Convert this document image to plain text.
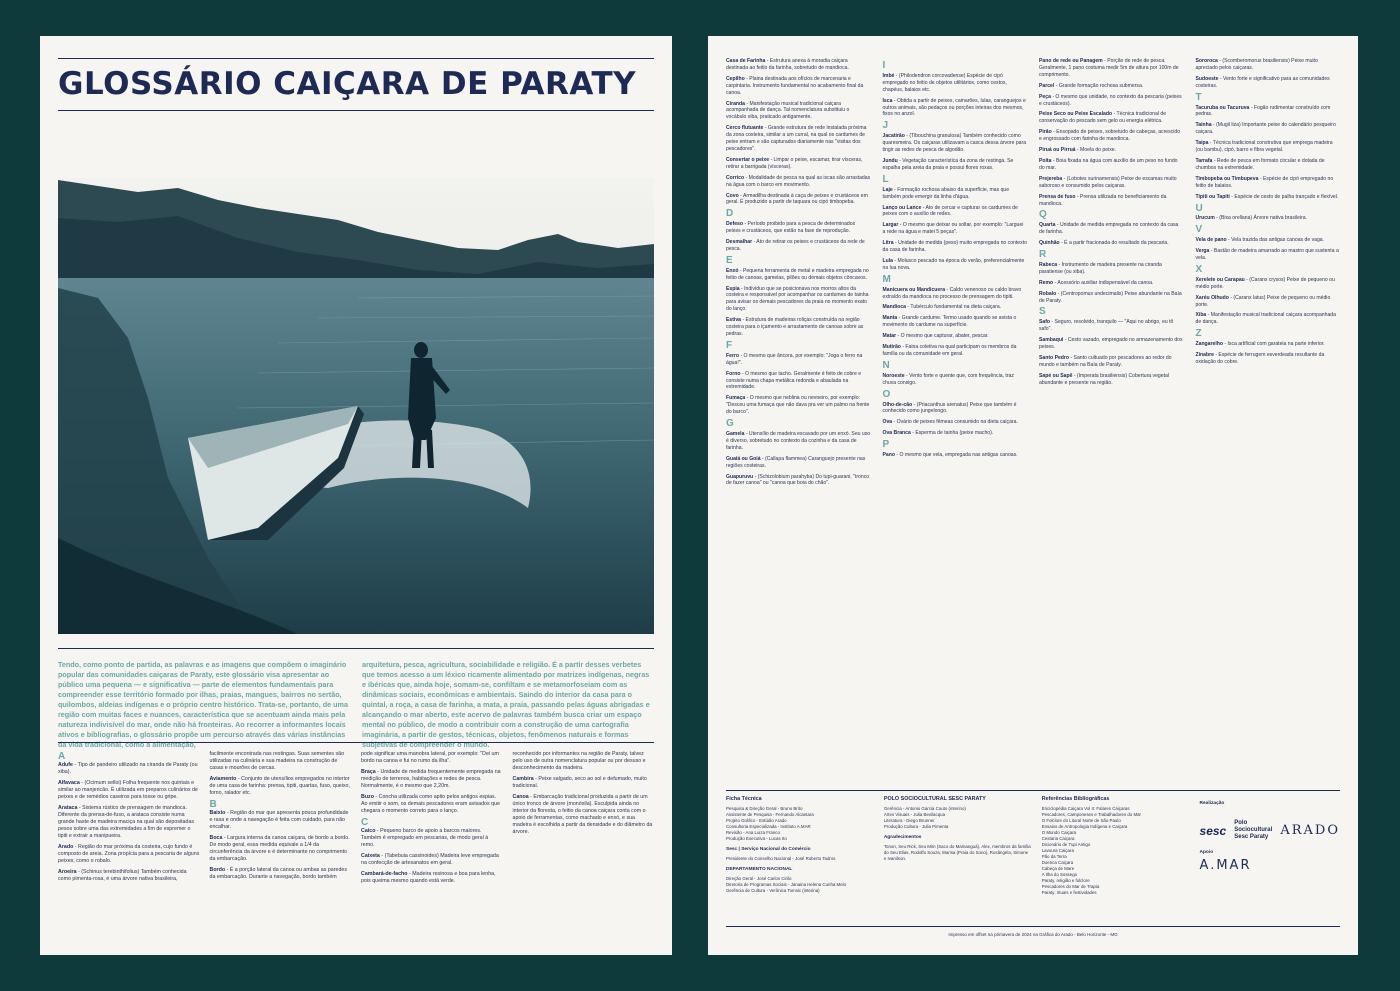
GLOSSÁRIO CAIÇARA DE PARATY

Tendo, como ponto de partida, as palavras e as imagens que compõem o imaginário popular das comunidades caiçaras de Paraty, este glossário visa apresentar ao público uma pequena — e significativa — parte de elementos fundamentais para compreender esse território formado por ilhas, praias, mangues, bairros no sertão, quilombos, aldeias indígenas e o próprio centro histórico. Trata-se, portanto, de uma região com muitas faces e nuances, característica que se acentuam ainda mais pela natureza indivisível do mar, onde não há fronteiras. Ao recorrer a informantes locais ativos e bibliografias, o glossário propõe um percurso através das várias instâncias da vida tradicional, como a alimentação,

arquitetura, pesca, agricultura, sociabilidade e religião. É a partir desses verbetes que temos acesso a um léxico ricamente alimentado por matrizes indígenas, negras e ibéricas que, ainda hoje, somam-se, confiltam e se metamorfoseiam com as dinâmicas sociais, econômicas e ambientais. Saindo do interior da casa para o quintal, a roça, a casa de farinha, a mata, a praia, passando pelas águas abrigadas e alcançando o mar aberto, este acervo de palavras também busca criar um espaço mental no público, de modo a contribuir com a construção de uma cartografia imaginária, a partir de gestos, técnicas, objetos, fenômenos naturais e formas subjetivas de compreender o mundo.

A
Adufe - Tipo de pandeiro utilizado na ciranda de Paraty (ou xiba).
Alfavaca - (Ocimum selloi) Folha frequente nos quintais e similar ao manjericão. É utilizada em preparos culinários de peixes e de remédios caseiros para tosse ou gripe.
Arataca - Sistema rústico de prensagem de mandioca. Diferente da prensa-de-fuso, a arataca consiste numa grande haste de madeira maciça na qual são depositadas pesos sobre uma das extremidades a fim de espremer o tipiti e extrair a manipueira.
Arado - Região do mar próxima da costeira, cujo fundo é composto de areia. Zona propícia para a pescaria de alguns peixes, como o robalo.
Aroeira - (Schinus terebinthifolius) Também conhecida como pimenta-rosa, é uma árvore nativa brasileira,
facilmente encontrada nas restingas. Suas sementes são utilizadas na culinária e sua madeira na construção de casas e mourões de cercas.
Aviamento - Conjunto de utensílios empregados no interior de uma casa de farinha: prensa, tipiti, quartas, fuso, queixo, forno, ralador etc.
B
Baixio - Região do mar que apresenta pouca profundidade e rasa e onde a navegação é feita com cuidado, para não encalhar.
Boca - Largura interna da canoa caiçara, de bordo a bordo. De modo geral, essa medida equivale a 1/4 da circunferência da árvore e é determinante no comprimento da embarcação.
Bordo - É a porção lateral da canoa ou ambas as paredes da embarcação. Durante a navegação, bordo também
pode significar uma manobra lateral, por exemplo: "Dei um bordo na canoa e fui no rumo da ilha".
Braça - Unidade de medida frequentemente empregada na medição de terrenos, habitações e redes de pesca. Normalmente, é o mesmo que 2,20m.
Buzo - Concha utilizada como apito pelos antigos espias. Ao emitir o som, os demais pescadores eram avisados que chegara o momento correto para o lanço.
C
Caico - Pequeno barco de apoio a barcos maiores. Também é empregado em pescarias, de modo geral à remo.
Caixeta - (Tabebuia cassinoides) Madeira leve empregada na confecção de artesanatos em geral.
Cambará-de-facho - Madeira resinosa e boa para lenha, pois queima mesmo quando está verde.
reconhecido por informantes na região de Paraty, talvez pelo uso de outra nomenclatura popular ou por desuso e desconhecimento da madeira.
Cambira - Peixe salgado, seco ao sol e defumado, muito tradicional.
Canoa - Embarcação tradicional produzida a partir de um único tronco de árvore (monóxila). Esculpida ainda no interior da floresta, o feitio da canoa caiçara conta com o apoio de ferramentas, como machado e enxó, e sua madeira é escolhida a partir da densidade e do diâmetro da árvore.
Casa de Farinha - Estrutura anexa à moradia caiçara destinada ao feitio da farinha, sobretudo de mandioca.
Cepilho - Plaina destinada aos ofícios de marcenaria e carpintaria. Instrumento fundamental no acabamento final da canoa.
Ciranda - Manifestação musical tradicional caiçara acompanhada de dança. Tal nomenclatura substituiu o vocábulo xiba, praticado antigamente.
Cerco flutuante - Grande estrutura de rede instalada próxima da zona costeira, similar a um curral, na qual os cardumes de peixe entram e são capturados diariamente nas "visitas dos pescadores".
Consertar o peixe - Limpar o peixe, escamar, tirar vísceras, retirar a barrigada (vísceras).
Corrico - Modalidade de pesca na qual as iscas são arrastadas na água com o barco em movimento.
Covo - Armadilha destinada à caça de peixes e crustáceos em geral. É produzido a partir de taquara ou cipó timbopeba.
D
Defeso - Período proibido para a pesca de determinados peixes e crustáceos, que estão na fase de reprodução.
Desmalhar - Ato de retirar os peixes e crustáceos da rede de pesca.
E
Enxó - Pequena ferramenta de metal e madeira empregada no feitio de canoas, gamelas, pilões ou demais objetos côncavos.
Espia - Indivíduo que se posicionava nos morros altos da costeira e responsável por acompanhar os cardumes de tainha para avisar os demais pescadores da praia no momento exato do lanço.
Estiva - Estrutura de madeiras roliças construída na região costeira para o içamento e arrastamento de canoas sobre as pedras.
F
Ferro - O mesmo que âncora, por exemplo: "Joga o ferro na água!".
Forno - O mesmo que tacho. Geralmente é feito de cobre e consiste numa chapa metálica redonda e abaulada na extremidade.
Fumaça - O mesmo que neblina ou nevoeiro, por exemplo: "Desceu uma fumaça que não dava pra ver um palmo na frente do barco".
G
Gamela - Utensílio de madeira escavado por um enxó. Seu uso é diverso, sobretudo no contexto da cozinha e da casa de farinha.
Guaiá ou Goiá - (Callapa flammea) Caranguejo presente nas regiões costeiras.
Guapuruvu - (Schizolobium parahyba) Do tupi-guarani, "tronco de fazer canoa" ou "canoa que boia do chão".
I
Imbé - (Philodendron corcovadense) Espécie de cipó empregado no feitio de objetos utilitários, como cestos, chapéus, balaios etc.
Isca - Obtida a partir de peixes, camarões, lulas, caranguejos e outros animais, são pedaços ou porções inteiras dos mesmos, fixos no anzol.
J
Jacatirão - (Tibouchina granulosa) Também conhecido como quaresmeira. Os caiçaras utilizavam a casca dessa árvore para tingir as redes de pesca de algodão.
Jundu - Vegetação característica da zona de restinga. Se espalha pela areia da praia e possui flores roxas.
L
Laje - Formação rochosa abaixo da superfície, mas que também pode emergir da linha d'água.
Lanço ou Lance - Ato de cercar e capturar os cardumes de peixes com o auxílio de redes.
Largar - O mesmo que deixar ou soltar, por exemplo: "Larguei a rede na água e matei 5 peças".
Litra - Unidade de medida (peso) muito empregada no contexto da casa de farinha.
Lula - Molusco pescado na época do verão, preferencialmente na lua nova.
M
Manicuera ou Mandicuera - Caldo venenoso ou caldo bravo extraído da mandioca no processo de prensagem do tipiti.
Mandioca - Tubérculo fundamental na dieta caiçara.
Manta - Grande cardume. Termo usado quando se avista o movimento do cardume na superfície.
Matar - O mesmo que capturar, abater, pescar.
Mutirão - Faina coletiva na qual participam os membros da família ou da comunidade em geral.
N
Noroeste - Vento forte e quente que, com frequência, traz chuva consigo.
O
Olho-de-cão - (Priacanthus arenatus) Peixe que também é conhecido como jungelongo.
Ova - Ovário de peixes fêmeas consumido na dieta caiçara.
Ova Branca - Esperma de tainha (peixe macho).
P
Pano - O mesmo que vela, empregada nas antigas canoas.
Pano de rede ou Panagem - Porção de rede de pesca. Geralmente, 1 pano costuma medir 5m de altura por 100m de comprimento.
Parcel - Grande formação rochosa submersa.
Peça - O mesmo que unidade, no contexto da pescaria (peixes e crustáceos).
Peixe Seco ou Peixe Escalado - Técnica tradicional de conservação do pescado sem gelo ou energia elétrica.
Pirão - Ensopado de peixes, sobretudo de cabeças, acrescido e engrossado com farinha de mandioca.
Piruá ou Pirruá - Moela do peixe.
Poita - Boia fixada na água com auxílio de um peso no fundo do mar.
Prejereba - (Lobotes surinamensis) Peixe de escamas muito saboroso e consumido pelos caiçaras.
Prensa de fuso - Prensa utilizada no beneficiamento da mandioca.
Q
Quarta - Unidade de medida empregada no contexto da casa de farinha.
Quinhão - É a partir fracionada do resultado da pescaria.
R
Rabeca - Instrumento de madeira presente na ciranda paratiense (ou xiba).
Remo - Acessório auxiliar indispensável da canoa.
Robalo - (Centropomus undecimalis) Peixe abundante na Baía de Paraty.
S
Safo - Seguro, resolvido, tranquilo — "Aqui no abrigo, eu tô safo".
Sambaqui - Cesto vazado, empregado no armazenamento dos peixes.
Santo Pedro - Santo cultuado por pescadores ao redor do mundo e também na Baía de Paraty.
Sapé ou Sapê - (Imperata brasiliensis) Cobertura vegetal abundante e presente na região.
Sororoca - (Scomberomorus brasiliensis) Peixe muito apreciado pelos caiçaras.
Sudoeste - Vento forte e significativo para as comunidades costeiras.
T
Tacuruba ou Tacuruva - Fogão rudimentar construído com pedras.
Tainha - (Mugil liza) Importante peixe do calendário pesqueiro caiçara.
Taipa - Técnica tradicional construtiva que emprega madeira (ou bambu), cipó, barro e fibra vegetal.
Tarrafa - Rede de pesca em formato circular e dotada de chumbos na extremidade.
Timbopeba ou Timbupeva - Espécie de cipó empregado no feitio de balaios.
Tipiti ou Tapiti - Espécie de cesto de palha trançado e flexível.
U
Urucum - (Bixa orellana) Árvore nativa brasileira.
V
Vela de pano - Vela trazida das antigas canoas de vaga.
Verga - Bastão de madeira amarrado ao mastro que sustenta a vela.
X
Xerelete ou Carapau - (Caranx crysos) Peixe de pequeno ou médio porte.
Xaréu Olhudo - (Caranx latus) Peixe de pequeno ou médio porte.
Xiba - Manifestação musical tradicional caiçara acompanhada de dança.
Z
Zangarelho - Isca artificial com garateia na parte inferior.
Zinabre - Espécie de ferrugem esverdeada resultante da oxidação do cobre.
Ficha Técnica
Pesquisa & Direção Geral - Bruno Brito
Assistente de Pesquisa - Fernando Alcantara
Projeto Gráfico - Estúdio Arado
Consultoria Especializada - Instituto A.MAR
Revisão - Ana Luiza Franco
Produção Executiva - Lucas Ito
Sesc | Serviço Nacional do Comércio
Presidente do Conselho Nacional - José Roberto Tadros
DEPARTAMENTO NACIONAL
Direção Geral - José Carlos Cirilo
Diretoria de Programas Sociais - Janaina Helena Cunha Melo
Gerência de Cultura - Verônica Tomsic (interina)
POLO SOCIOCULTURAL SESC PARATY
Gerência - Antonio Garcia Couto (interino)
Artes Visuais - Julia Bevilacqua
Literatura - Diego Brunner
Produção Cultura - Julia Pimenta
Agradecimentos
Tonon, Seu Rick, Seu Mim (Saco do Mamanguá), Alex, membros da família do Seu Elias, Rodolfo Souza, Marisa (Praia do Sono), Rosângela, Simone e Ivanilson.
Referências Bibliográficas
Enciclopédia Caiçara Vol II: Falares Caiçaras
Pescadores, Camponeses e Trabalhadores do Mar
O Folclore do Litoral Norte de São Paulo
Ensaios de Antropologia Indígena e Caiçara
O Mundo Caiçara
Cestaria Caiçara
Dicionário de Tupi Antigo
Lavoura Caiçara
Pão da Terra
Doenca Caiçara
Cabeça de Mare
A Ilha do Sossego
Paraty, religião e folclore
Pescadores do Mar de Trapia
Paraty: rituais e festividades
Realização
sesc
Polo Sociocultural Sesc Paraty ARADO
Apoio
A.MAR
Impresso em offset na primavera de 2024 na Gráfica do Arado - Belo Horizonte - MG
